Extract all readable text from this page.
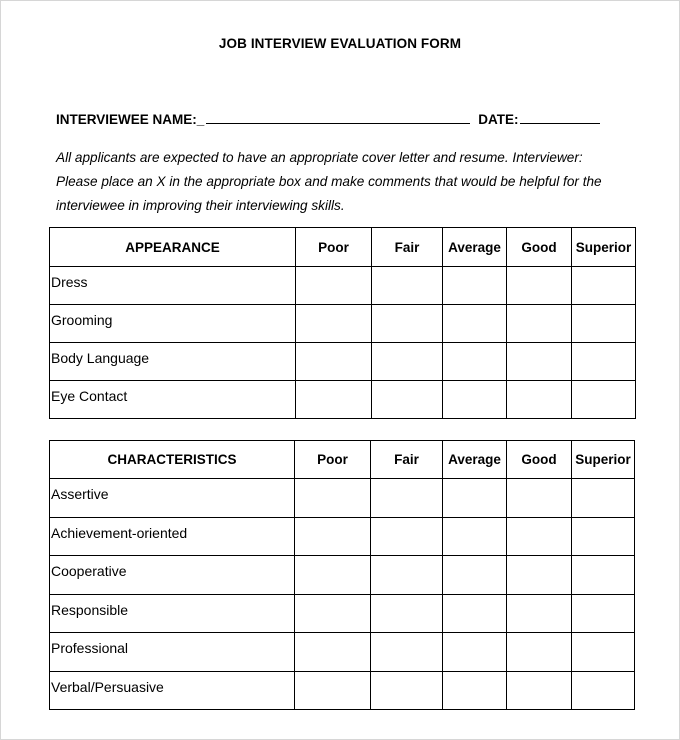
JOB INTERVIEW EVALUATION FORM
INTERVIEWEE NAME:_	DATE:
All applicants are expected to have an appropriate cover letter and resume. Interviewer: Please place an X in the appropriate box and make comments that would be helpful for the interviewee in improving their interviewing skills.
APPEARANCE	Poor	Fair	Average	Good	Superior
Dress					
Grooming					
Body Language					
Eye Contact					
CHARACTERISTICS	Poor	Fair	Average	Good	Superior
Assertive					
Achievement-oriented					
Cooperative					
Responsible					
Professional					
Verbal/Persuasive					
